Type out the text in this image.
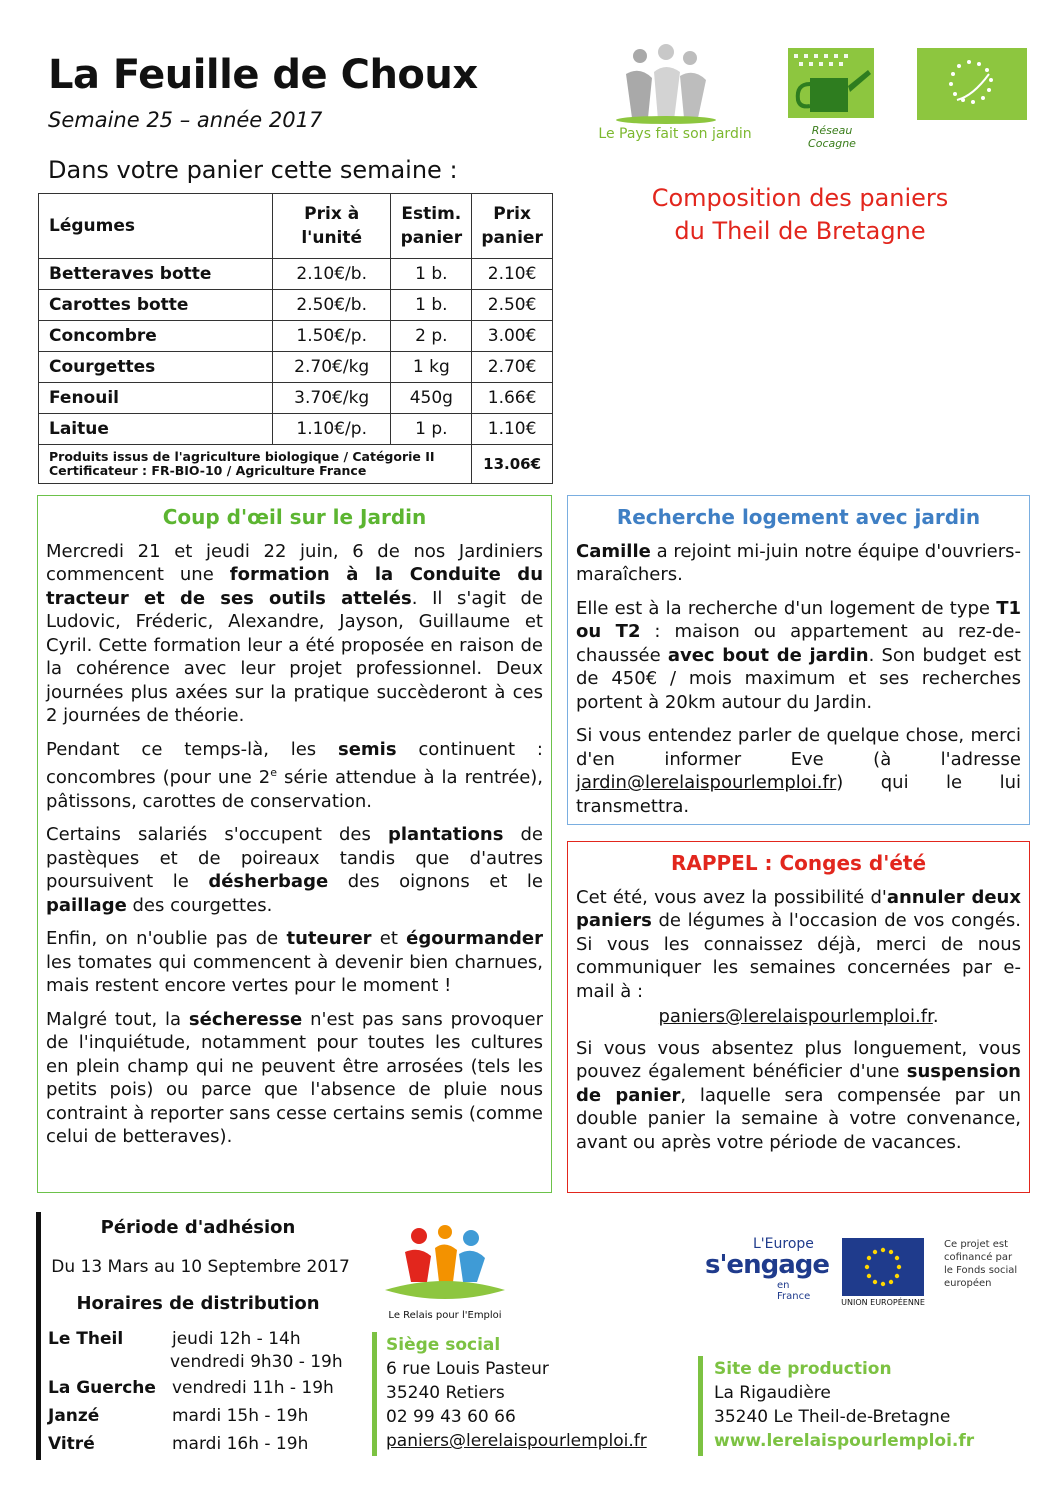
La Feuille de Choux
Semaine 25 – année 2017
Dans votre panier cette semaine :
Le Pays fait son jardin	Réseau Cocagne
Légumes	Prix à l'unité	Estim. panier	Prix panier
Betteraves botte	2.10€/b.	1 b.	2.10€
Carottes botte	2.50€/b.	1 b.	2.50€
Concombre	1.50€/p.	2 p.	3.00€
Courgettes	2.70€/kg	1 kg	2.70€
Fenouil	3.70€/kg	450g	1.66€
Laitue	1.10€/p.	1 p.	1.10€
Produits issus de l'agriculture biologique / Catégorie II
Certificateur : FR-BIO-10 / Agriculture France			13.06€
Composition des paniers
du Theil de Bretagne
Coup d'œil sur le Jardin

Mercredi 21 et jeudi 22 juin, 6 de nos Jardiniers commencent une formation à la Conduite du tracteur et de ses outils attelés. Il s'agit de Ludovic, Fréderic, Alexandre, Jayson, Guillaume et Cyril. Cette formation leur a été proposée en raison de la cohérence avec leur projet professionnel. Deux journées plus axées sur la pratique succèderont à ces 2 journées de théorie.

Pendant ce temps-là, les semis continuent : concombres (pour une 2e série attendue à la rentrée), pâtissons, carottes de conservation.

Certains salariés s'occupent des plantations de pastèques et de poireaux tandis que d'autres poursuivent le désherbage des oignons et le paillage des courgettes.

Enfin, on n'oublie pas de tuteurer et égourmander les tomates qui commencent à devenir bien charnues, mais restent encore vertes pour le moment !

Malgré tout, la sécheresse n'est pas sans provoquer de l'inquiétude, notamment pour toutes les cultures en plein champ qui ne peuvent être arrosées (tels les petits pois) ou parce que l'absence de pluie nous contraint à reporter sans cesse certains semis (comme celui de betteraves).

Recherche logement avec jardin

Camille a rejoint mi-juin notre équipe d'ouvriers-maraîchers.

Elle est à la recherche d'un logement de type T1 ou T2 : maison ou appartement au rez-de-chaussée avec bout de jardin. Son budget est de 450€ / mois maximum et ses recherches portent à 20km autour du Jardin.

Si vous entendez parler de quelque chose, merci d'en informer Eve (à l'adresse jardin@lerelaispourlemploi.fr) qui le lui transmettra.

RAPPEL : Conges d'été

Cet été, vous avez la possibilité d'annuler deux paniers de légumes à l'occasion de vos congés. Si vous les connaissez déjà, merci de nous communiquer les semaines concernées par e-mail à :

paniers@lerelaispourlemploi.fr.

Si vous vous absentez plus longuement, vous pouvez également bénéficier d'une suspension de panier, laquelle sera compensée par un double panier la semaine à votre convenance, avant ou après votre période de vacances.

Période d'adhésion
Du 13 Mars au 10 Septembre 2017
Horaires de distribution
Le Theil	jeudi 12h - 14h
vendredi 9h30 - 19h
La Guerche vendredi 11h - 19h
Janzé	mardi 15h - 19h
Vitré	mardi 16h - 19h
Le Relais pour l'Emploi
Siège social
6 rue Louis Pasteur
35240 Retiers
02 99 43 60 66
paniers@lerelaispourlemploi.fr
Site de production
La Rigaudière
35240 Le Theil-de-Bretagne
www.lerelaispourlemploi.fr
L'Europe
s'engage
en France
UNION EUROPÉENNE
Ce projet est cofinancé par le Fonds social européen
